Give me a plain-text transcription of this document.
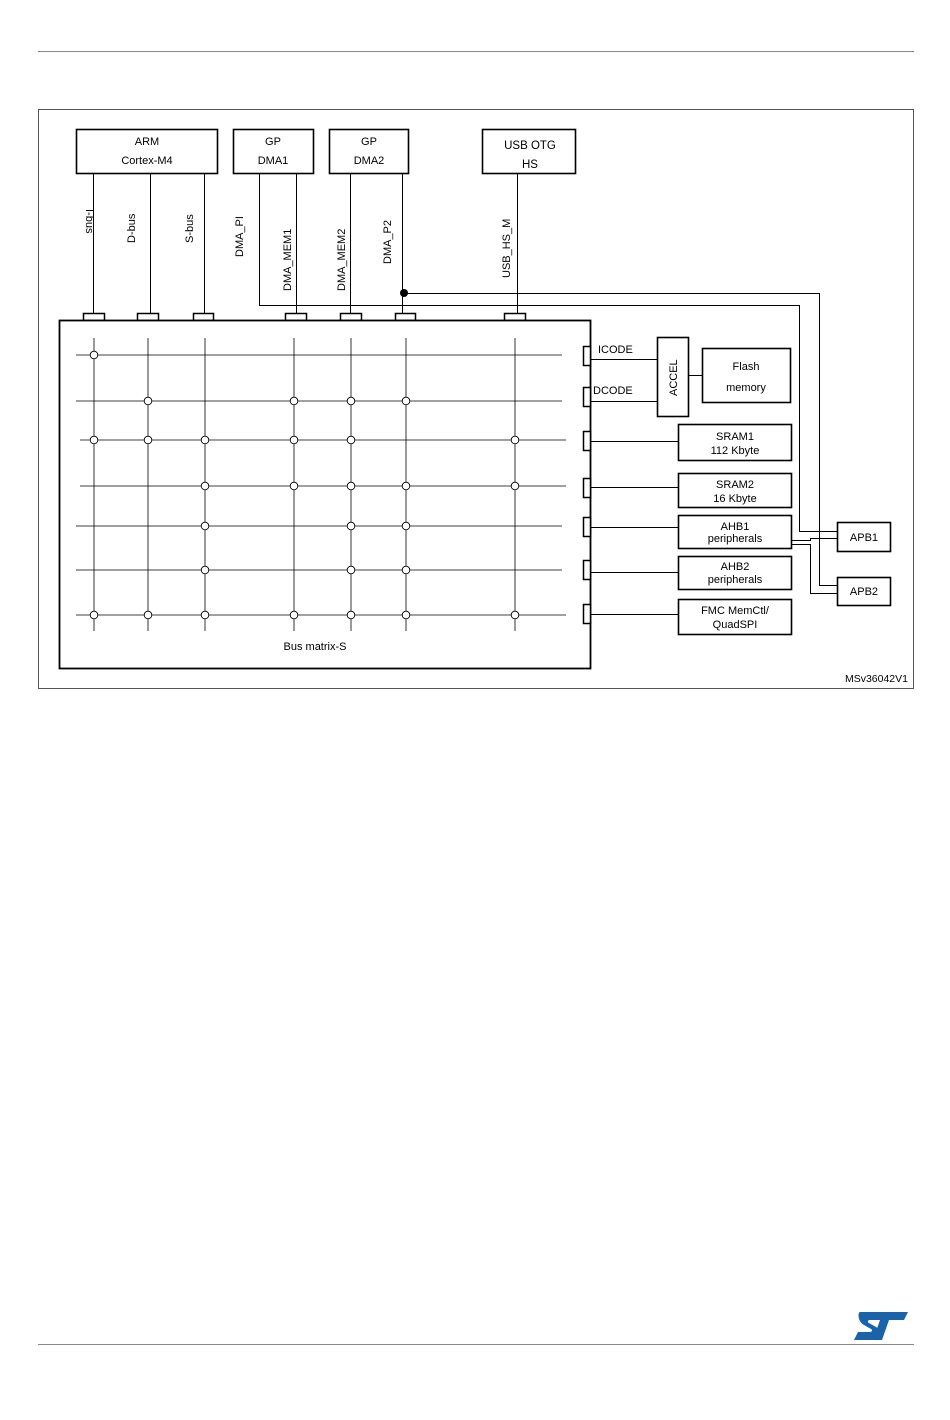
ARM
Cortex-M4
GP
DMA1
GP
DMA2
USB OTG
HS
I-bus	D-bus	S-bus	DMA_PI	DMA_MEM1	DMA_MEM2	DMA_P2	USB_HS_M
Bus matrix-S
ICODE
DCODE	ACCEL	Flash
memory
SRAM1
112 Kbyte
SRAM2
16 Kbyte
AHB1
peripherals
AHB2
peripherals
FMC MemCtl/
QuadSPI
APB1
APB2
MSv36042V1
